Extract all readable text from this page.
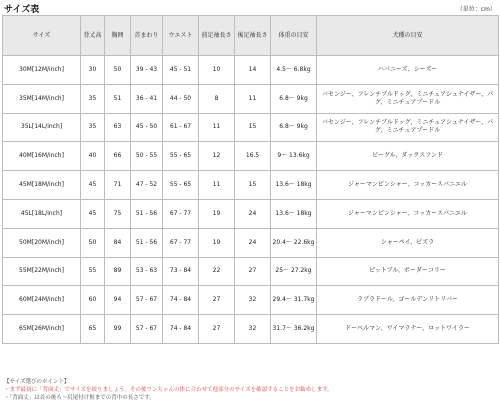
サイズ表	（単位：cm）
サイズ	背丈高	胸囲	首まわり	ウエスト	前足袖長さ	後足袖長さ	体重の目安	犬種の目安
30M[12M/inch]	30	50	39 - 43	45 - 51	10	14	4.5〜 6.8kg	ハバニーズ、シーズー
35M[14M/inch]	35	51	36 - 41	44 - 50	8	11	6.8〜 9kg	バセンジー、フレンチブルドッグ、ミニチュアシュナイザー、パグ、ミニチュアプードル
35L[14L/inch]	35	63	45 - 50	61 - 67	11	15	6.8〜 9kg	バセンジー、フレンチブルドッグ、ミニチュアシュナイザー、パグ、ミニチュアプードル
40M[16M/inch]	40	66	50 - 55	55 - 65	12	16.5	9〜 13.6kg	ビーグル、ダックスフンド
45M[18M/inch]	45	71	47 - 52	55 - 65	11	15	13.6〜 18kg	ジャーマンピンシャー、コッカースパニエル
45L[18L/inch]	45	75	51 - 56	67 - 77	19	24	13.6〜 18kg	ジャーマンピンシャー、コッカースパニエル
50M[20M/inch]	50	84	51 - 56	67 - 77	19	24	20.4〜 22.6kg	シャーペイ、ビズラ
55M[22M/inch]	55	89	53 - 63	73 - 84	22	27	25〜 27.2kg	ピットブル、ボーダーコリー
60M[24M/inch]	60	94	57 - 67	74 - 84	27	32	29.4〜 31.7kg	ラブラドール、ゴールデンリトリバー
65M[26M/inch]	65	99	57 - 67	74 - 84	27	32	31.7〜 36.2kg	ドーベルマン、ワイマラナー、ロットワイラー
【サイズ選びのポイント】
・まず最初に「背面丈」でサイズを絞りましょう。その後ワンちゃんの体に合わせて他部分のサイズを確認することをお勧めします。
・「背面丈」は首の後ろ〜尻尾付け根までの背中の長さです。
